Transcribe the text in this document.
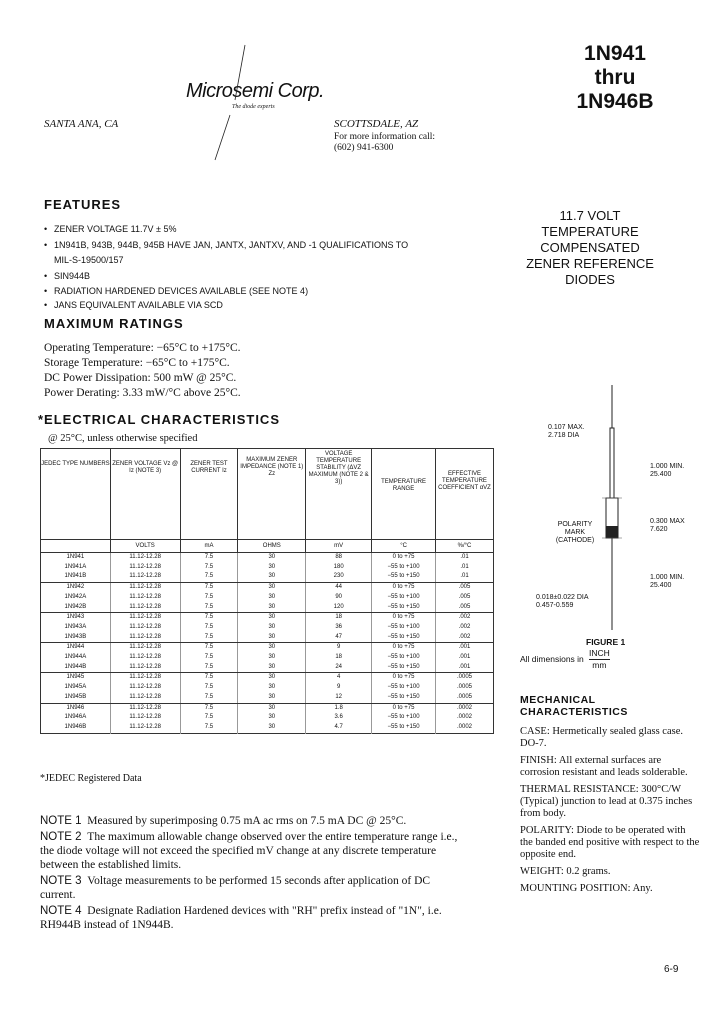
Microsemi Corp.
The diode experts
SANTA ANA, CA	SCOTTSDALE, AZ
For more information call:
(602) 941-6300
1N941
thru
1N946B
11.7 VOLT
TEMPERATURE
COMPENSATED
ZENER REFERENCE
DIODES
FEATURES
• ZENER VOLTAGE 11.7V ± 5%
• 1N941B, 943B, 944B, 945B HAVE JAN, JANTX, JANTXV, AND -1 QUALIFICATIONS TO MIL-S-19500/157
• SIN944B
• RADIATION HARDENED DEVICES AVAILABLE (SEE NOTE 4)
• JANS EQUIVALENT AVAILABLE VIA SCD
MAXIMUM RATINGS
Operating Temperature: −65°C to +175°C.
Storage Temperature: −65°C to +175°C.
DC Power Dissipation: 500 mW @ 25°C.
Power Derating: 3.33 mW/°C above 25°C.
*ELECTRICAL CHARACTERISTICS
@ 25°C, unless otherwise specified
JEDEC TYPE NUMBERS	ZENER VOLTAGE Vz @ Iz (NOTE 3)	ZENER TEST CURRENT Iz	MAXIMUM ZENER IMPEDANCE (NOTE 1) Zz	VOLTAGE TEMPERATURE STABILITY (ΔVZ MAXIMUM (NOTE 2 & 3))	TEMPERATURE RANGE	EFFECTIVE TEMPERATURE COEFFICIENT αVZ
	VOLTS	mA	OHMS	mV	°C	%/°C
1N941	11.12-12.28	7.5	30	88	0 to +75	.01
1N941A	11.12-12.28	7.5	30	180	−55 to +100	.01
1N941B	11.12-12.28	7.5	30	230	−55 to +150	.01
1N942	11.12-12.28	7.5	30	44	0 to +75	.005
1N942A	11.12-12.28	7.5	30	90	−55 to +100	.005
1N942B	11.12-12.28	7.5	30	120	−55 to +150	.005
1N943	11.12-12.28	7.5	30	18	0 to +75	.002
1N943A	11.12-12.28	7.5	30	36	−55 to +100	.002
1N943B	11.12-12.28	7.5	30	47	−55 to +150	.002
1N944	11.12-12.28	7.5	30	9	0 to +75	.001
1N944A	11.12-12.28	7.5	30	18	−55 to +100	.001
1N944B	11.12-12.28	7.5	30	24	−55 to +150	.001
1N945	11.12-12.28	7.5	30	4	0 to +75	.0005
1N945A	11.12-12.28	7.5	30	9	−55 to +100	.0005
1N945B	11.12-12.28	7.5	30	12	−55 to +150	.0005
1N946	11.12-12.28	7.5	30	1.8	0 to +75	.0002
1N946A	11.12-12.28	7.5	30	3.6	−55 to +100	.0002
1N946B	11.12-12.28	7.5	30	4.7	−55 to +150	.0002
*JEDEC Registered Data
NOTE 1 Measured by superimposing 0.75 mA ac rms on 7.5 mA DC @ 25°C.
NOTE 2 The maximum allowable change observed over the entire temperature range i.e., the diode voltage will not exceed the specified mV change at any discrete temperature between the established limits.
NOTE 3 Voltage measurements to be performed 15 seconds after application of DC current.
NOTE 4 Designate Radiation Hardened devices with "RH" prefix instead of "1N", i.e. RH944B instead of 1N944B.
0.107 MAX.
2.718 DIA
1.000 MIN.
25.400
POLARITY MARK (CATHODE)
0.300 MAX
7.620
1.000 MIN.
25.400
0.018±0.022 DIA
0.457-0.559
FIGURE 1
All dimensions in
INCH
mm
MECHANICAL CHARACTERISTICS
CASE: Hermetically sealed glass case. DO-7.
FINISH: All external surfaces are corrosion resistant and leads solderable.
THERMAL RESISTANCE: 300°C/W (Typical) junction to lead at 0.375 inches from body.
POLARITY: Diode to be operated with the banded end positive with respect to the opposite end.
WEIGHT: 0.2 grams.
MOUNTING POSITION: Any.
6-9
